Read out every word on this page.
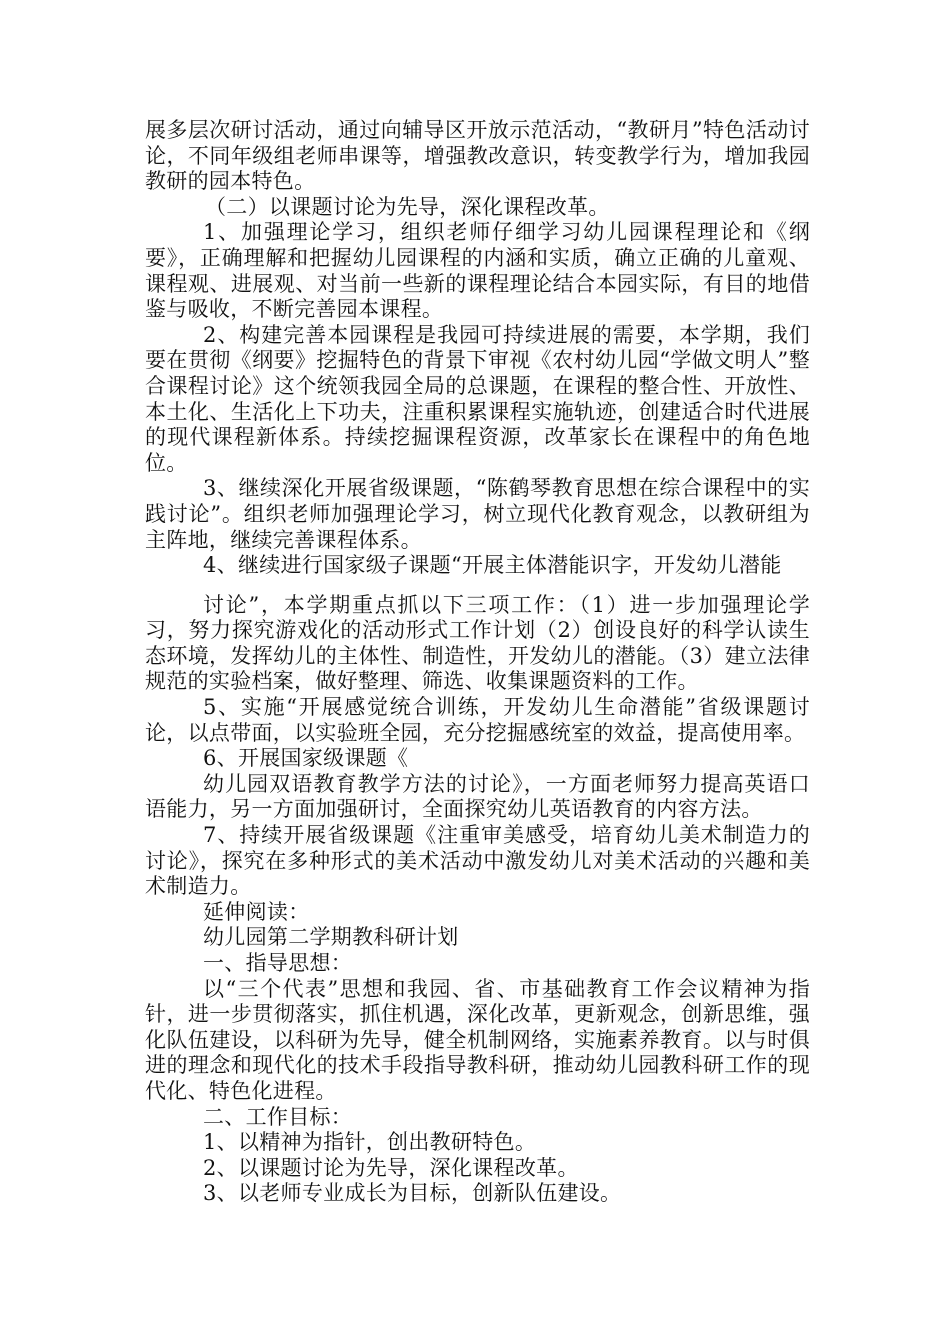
展多层次研讨活动，通过向辅导区开放示范活动，“教研月”特色活动讨论，不同年级组老师串课等，增强教改意识，转变教学行为，增加我园教研的园本特色。

（二）以课题讨论为先导，深化课程改革。

1、加强理论学习，组织老师仔细学习幼儿园课程理论和《纲要》，正确理解和把握幼儿园课程的内涵和实质，确立正确的儿童观、课程观、进展观、对当前一些新的课程理论结合本园实际，有目的地借鉴与吸收，不断完善园本课程。

2、构建完善本园课程是我园可持续进展的需要，本学期，我们要在贯彻《纲要》挖掘特色的背景下审视《农村幼儿园“学做文明人”整合课程讨论》这个统领我园全局的总课题，在课程的整合性、开放性、本土化、生活化上下功夫，注重积累课程实施轨迹，创建适合时代进展的现代课程新体系。持续挖掘课程资源，改革家长在课程中的角色地位。

3、继续深化开展省级课题，“陈鹤琴教育思想在综合课程中的实践讨论”。组织老师加强理论学习，树立现代化教育观念，以教研组为主阵地，继续完善课程体系。

4、继续进行国家级子课题“开展主体潜能识字，开发幼儿潜能

讨论”，本学期重点抓以下三项工作：（1）进一步加强理论学习，努力探究游戏化的活动形式工作计划（2）创设良好的科学认读生态环境，发挥幼儿的主体性、制造性，开发幼儿的潜能。（3）建立法律规范的实验档案，做好整理、筛选、收集课题资料的工作。

5、实施“开展感觉统合训练，开发幼儿生命潜能”省级课题讨论，以点带面，以实验班全园，充分挖掘感统室的效益，提高使用率。

6、开展国家级课题《

幼儿园双语教育教学方法的讨论》，一方面老师努力提高英语口语能力，另一方面加强研讨，全面探究幼儿英语教育的内容方法。

7、持续开展省级课题《注重审美感受，培育幼儿美术制造力的讨论》，探究在多种形式的美术活动中激发幼儿对美术活动的兴趣和美术制造力。

延伸阅读：

幼儿园第二学期教科研计划

一、指导思想：

以“三个代表”思想和我园、省、市基础教育工作会议精神为指针，进一步贯彻落实，抓住机遇，深化改革，更新观念，创新思维，强化队伍建设，以科研为先导，健全机制网络，实施素养教育。以与时俱进的理念和现代化的技术手段指导教科研，推动幼儿园教科研工作的现代化、特色化进程。

二、工作目标：

1、以精神为指针，创出教研特色。

2、以课题讨论为先导，深化课程改革。

3、以老师专业成长为目标，创新队伍建设。
